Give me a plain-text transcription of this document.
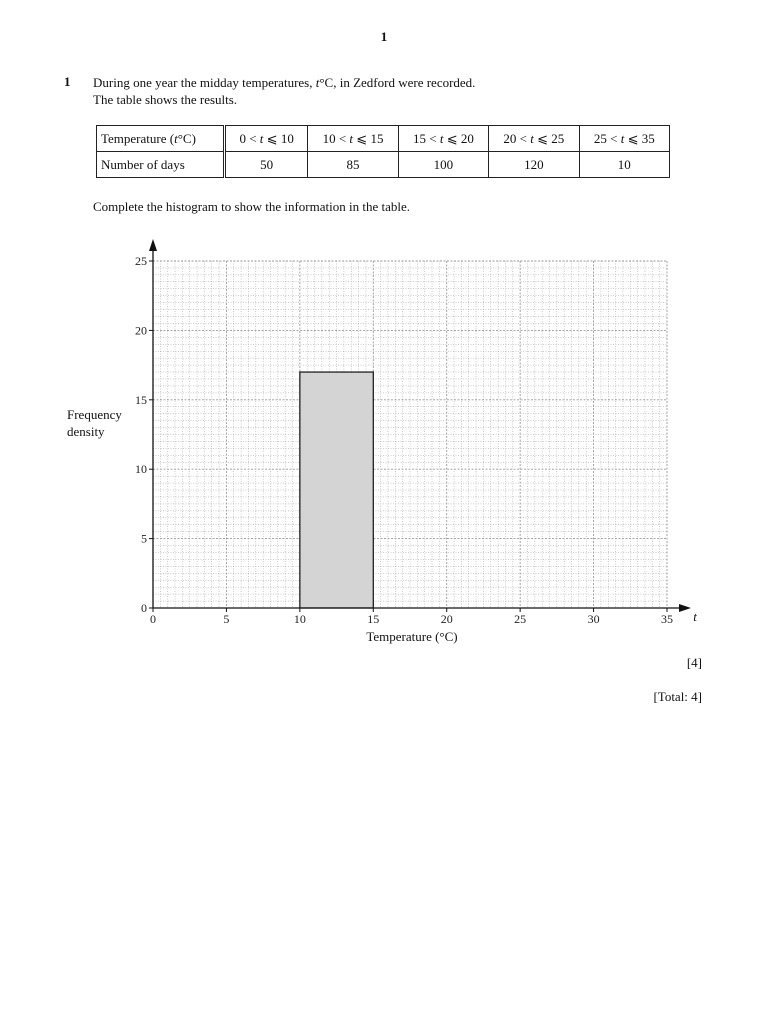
1
1 During one year the midday temperatures, t°C, in Zedford were recorded.

The table shows the results.

Temperature (t°C)	0 < t ⩽ 10	10 < t ⩽ 15	15 < t ⩽ 20	20 < t ⩽ 25	25 < t ⩽ 35
Number of days	50	85	100	120	10

Complete the histogram to show the information in the table.

0	5	10	15	20	25	30	35
0
5
10
15
20
25
Temperature (°C)
t
Frequency
density
[4]
[Total: 4]
